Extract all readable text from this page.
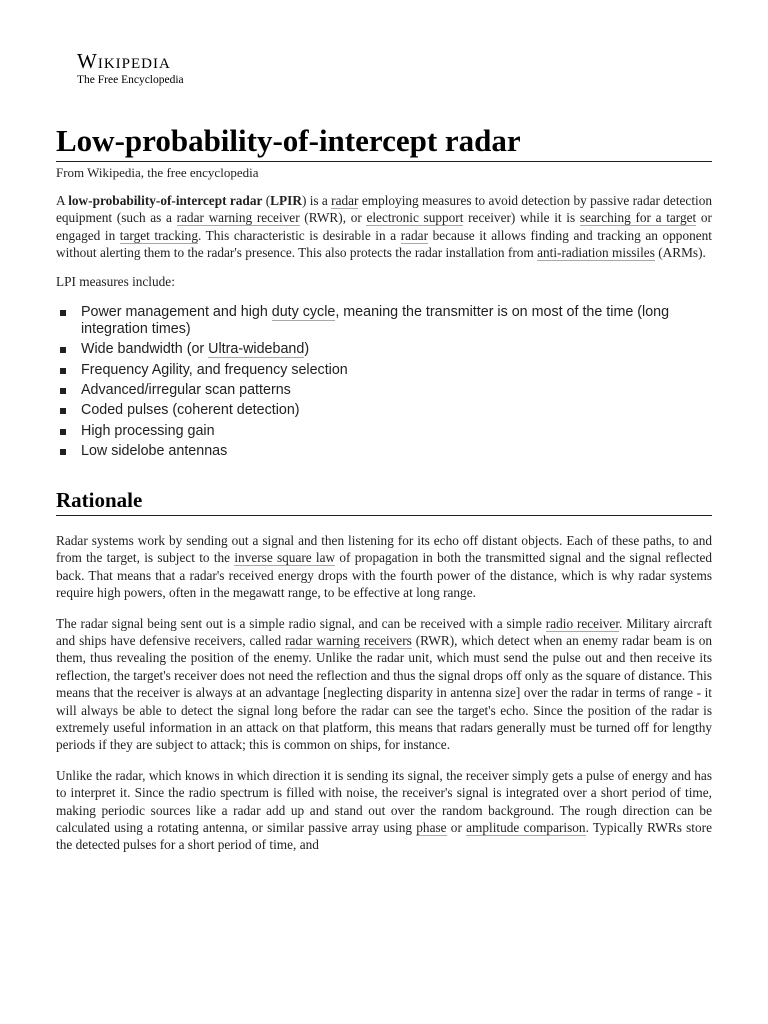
Wikipedia
The Free Encyclopedia
Low-probability-of-intercept radar
From Wikipedia, the free encyclopedia

A low-probability-of-intercept radar (LPIR) is a radar employing measures to avoid detection by passive radar detection equipment (such as a radar warning receiver (RWR), or electronic support receiver) while it is searching for a target or engaged in target tracking. This characteristic is desirable in a radar because it allows finding and tracking an opponent without alerting them to the radar's presence. This also protects the radar installation from anti-radiation missiles (ARMs).

LPI measures include:

Power management and high duty cycle, meaning the transmitter is on most of the time (long integration times)
Wide bandwidth (or Ultra-wideband)
Frequency Agility, and frequency selection
Advanced/irregular scan patterns
Coded pulses (coherent detection)
High processing gain
Low sidelobe antennas
Rationale

Radar systems work by sending out a signal and then listening for its echo off distant objects. Each of these paths, to and from the target, is subject to the inverse square law of propagation in both the transmitted signal and the signal reflected back. That means that a radar's received energy drops with the fourth power of the distance, which is why radar systems require high powers, often in the megawatt range, to be effective at long range.

The radar signal being sent out is a simple radio signal, and can be received with a simple radio receiver. Military aircraft and ships have defensive receivers, called radar warning receivers (RWR), which detect when an enemy radar beam is on them, thus revealing the position of the enemy. Unlike the radar unit, which must send the pulse out and then receive its reflection, the target's receiver does not need the reflection and thus the signal drops off only as the square of distance. This means that the receiver is always at an advantage [neglecting disparity in antenna size] over the radar in terms of range - it will always be able to detect the signal long before the radar can see the target's echo. Since the position of the radar is extremely useful information in an attack on that platform, this means that radars generally must be turned off for lengthy periods if they are subject to attack; this is common on ships, for instance.

Unlike the radar, which knows in which direction it is sending its signal, the receiver simply gets a pulse of energy and has to interpret it. Since the radio spectrum is filled with noise, the receiver's signal is integrated over a short period of time, making periodic sources like a radar add up and stand out over the random background. The rough direction can be calculated using a rotating antenna, or similar passive array using phase or amplitude comparison. Typically RWRs store the detected pulses for a short period of time, and
